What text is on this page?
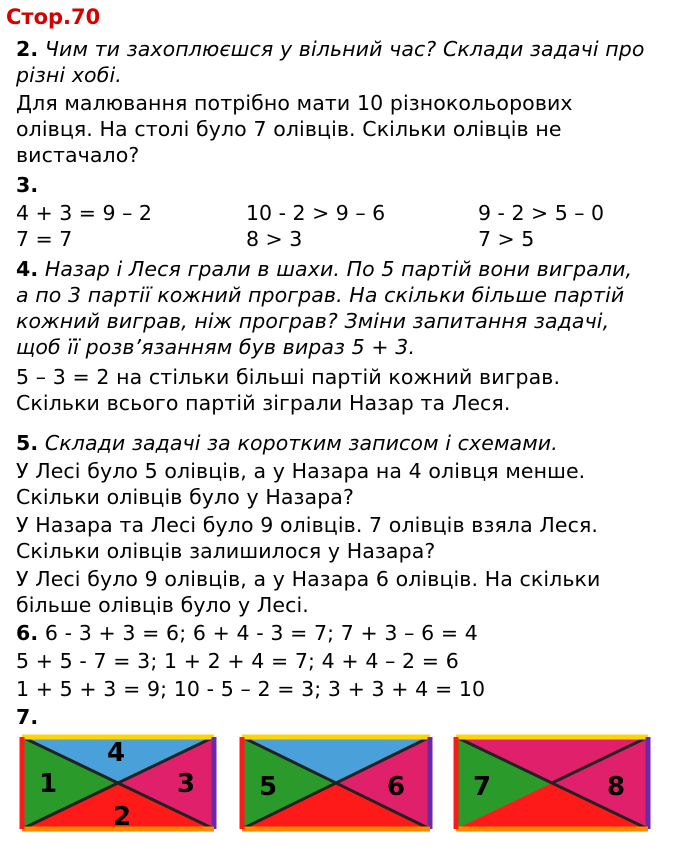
Стор.70
2. Чим ти захоплюєшся у вільний час? Склади задачі про
різні хобі.
Для малювання потрібно мати 10 різнокольорових
олівця. На столі було 7 олівців. Скільки олівців не
вистачало?
3.
4 + 3 = 9 – 2	10 - 2 > 9 – 6	9 - 2 > 5 – 0
7 = 7	8 > 3	7 > 5
4. Назар і Леся грали в шахи. По 5 партій вони виграли,
а по 3 партії кожний програв. На скільки більше партій
кожний виграв, ніж програв? Зміни запитання задачі,
щоб її розв’язанням був вираз 5 + 3.
5 – 3 = 2 на стільки більші партій кожний виграв.
Скільки всього партій зіграли Назар та Леся.
5. Склади задачі за коротким записом і схемами.
У Лесі було 5 олівців, а у Назара на 4 олівця менше.
Скільки олівців було у Назара?
У Назара та Лесі було 9 олівців. 7 олівців взяла Леся.
Скільки олівців залишилося у Назара?
У Лесі було 9 олівців, а у Назара 6 олівців. На скільки
більше олівців було у Лесі.
6. 6 - 3 + 3 = 6; 6 + 4 - 3 = 7; 7 + 3 – 6 = 4
5 + 5 - 7 = 3; 1 + 2 + 4 = 7; 4 + 4 – 2 = 6
1 + 5 + 3 = 9; 10 - 5 – 2 = 3; 3 + 3 + 4 = 10
7.
4
1	3
2
5	6	7	8
